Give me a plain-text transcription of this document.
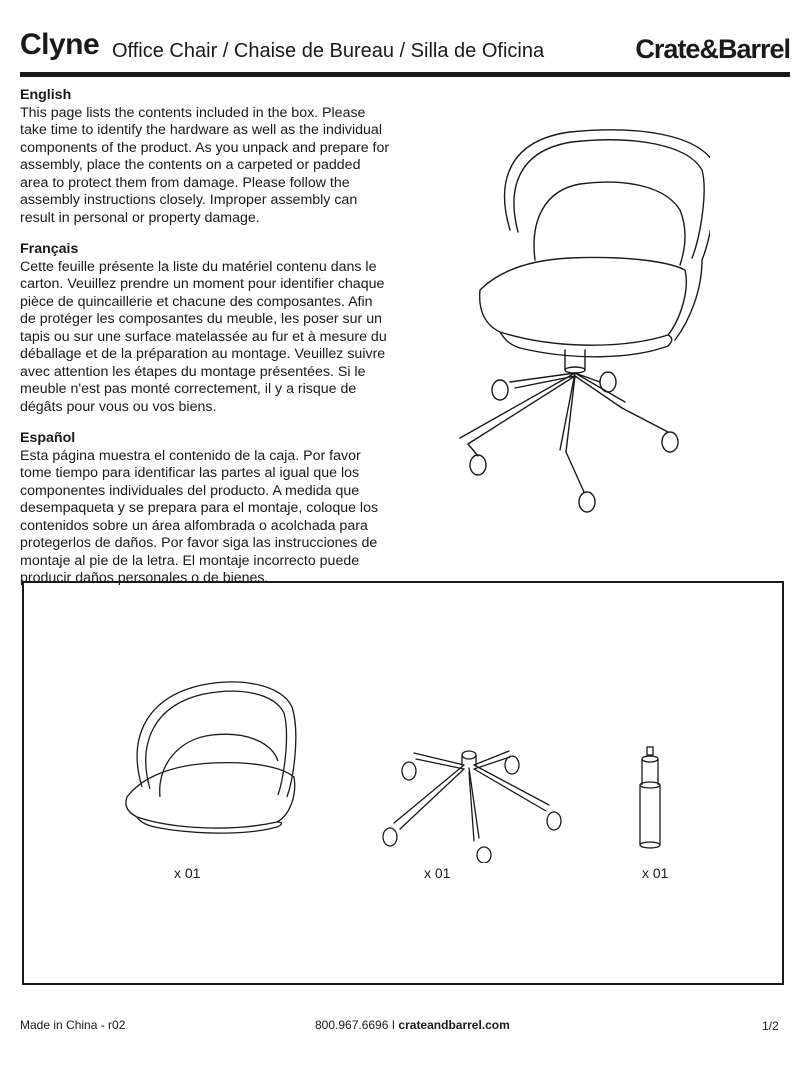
Clyne Office Chair / Chaise de Bureau / Silla de Oficina	Crate&Barrel
English

This page lists the contents included in the box. Please take time to identify the hardware as well as the individual components of the product. As you unpack and prepare for assembly, place the contents on a carpeted or padded area to protect them from damage. Please follow the assembly instructions closely. Improper assembly can result in personal or property damage.

Français

Cette feuille présente la liste du matériel contenu dans le carton. Veuillez prendre un moment pour identifier chaque pièce de quincaillerie et chacune des composantes. Afin de protéger les composantes du meuble, les poser sur un tapis ou sur une surface matelassée au fur et à mesure du déballage et de la préparation au montage. Veuillez suivre avec attention les étapes du montage présentées. Si le meuble n'est pas monté correctement, il y a risque de dégâts pour vous ou vos biens.

Español

Esta página muestra el contenido de la caja. Por favor tome tiempo para identificar las partes al igual que los componentes individuales del producto. A medida que desempaqueta y se prepara para el montaje, coloque los contenidos sobre un área alfombrada o acolchada para protegerlos de daños. Por favor siga las instrucciones de montaje al pie de la letra. El montaje incorrecto puede producir daños personales o de bienes.

x 01	x 01	x 01
Made in China - r02	800.967.6696 I crateandbarrel.com	1/2
